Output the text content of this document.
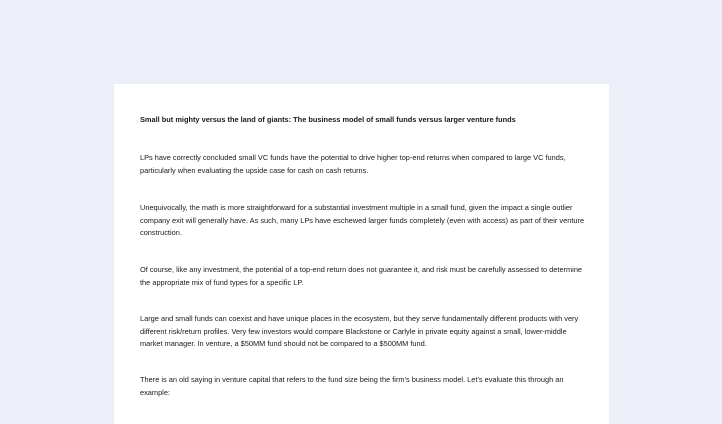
Small but mighty versus the land of giants: The business model of small funds versus larger venture funds

LPs have correctly concluded small VC funds have the potential to drive higher top-end returns when compared to large VC funds, particularly when evaluating the upside case for cash on cash returns.

Unequivocally, the math is more straightforward for a substantial investment multiple in a small fund, given the impact a single outlier company exit will generally have. As such, many LPs have eschewed larger funds completely (even with access) as part of their venture construction.

Of course, like any investment, the potential of a top-end return does not guarantee it, and risk must be carefully assessed to determine the appropriate mix of fund types for a specific LP.

Large and small funds can coexist and have unique places in the ecosystem, but they serve fundamentally different products with very different risk/return profiles. Very few investors would compare Blackstone or Carlyle in private equity against a small, lower-middle market manager. In venture, a $50MM fund should not be compared to a $500MM fund.

There is an old saying in venture capital that refers to the fund size being the firm's business model. Let's evaluate this through an example:
